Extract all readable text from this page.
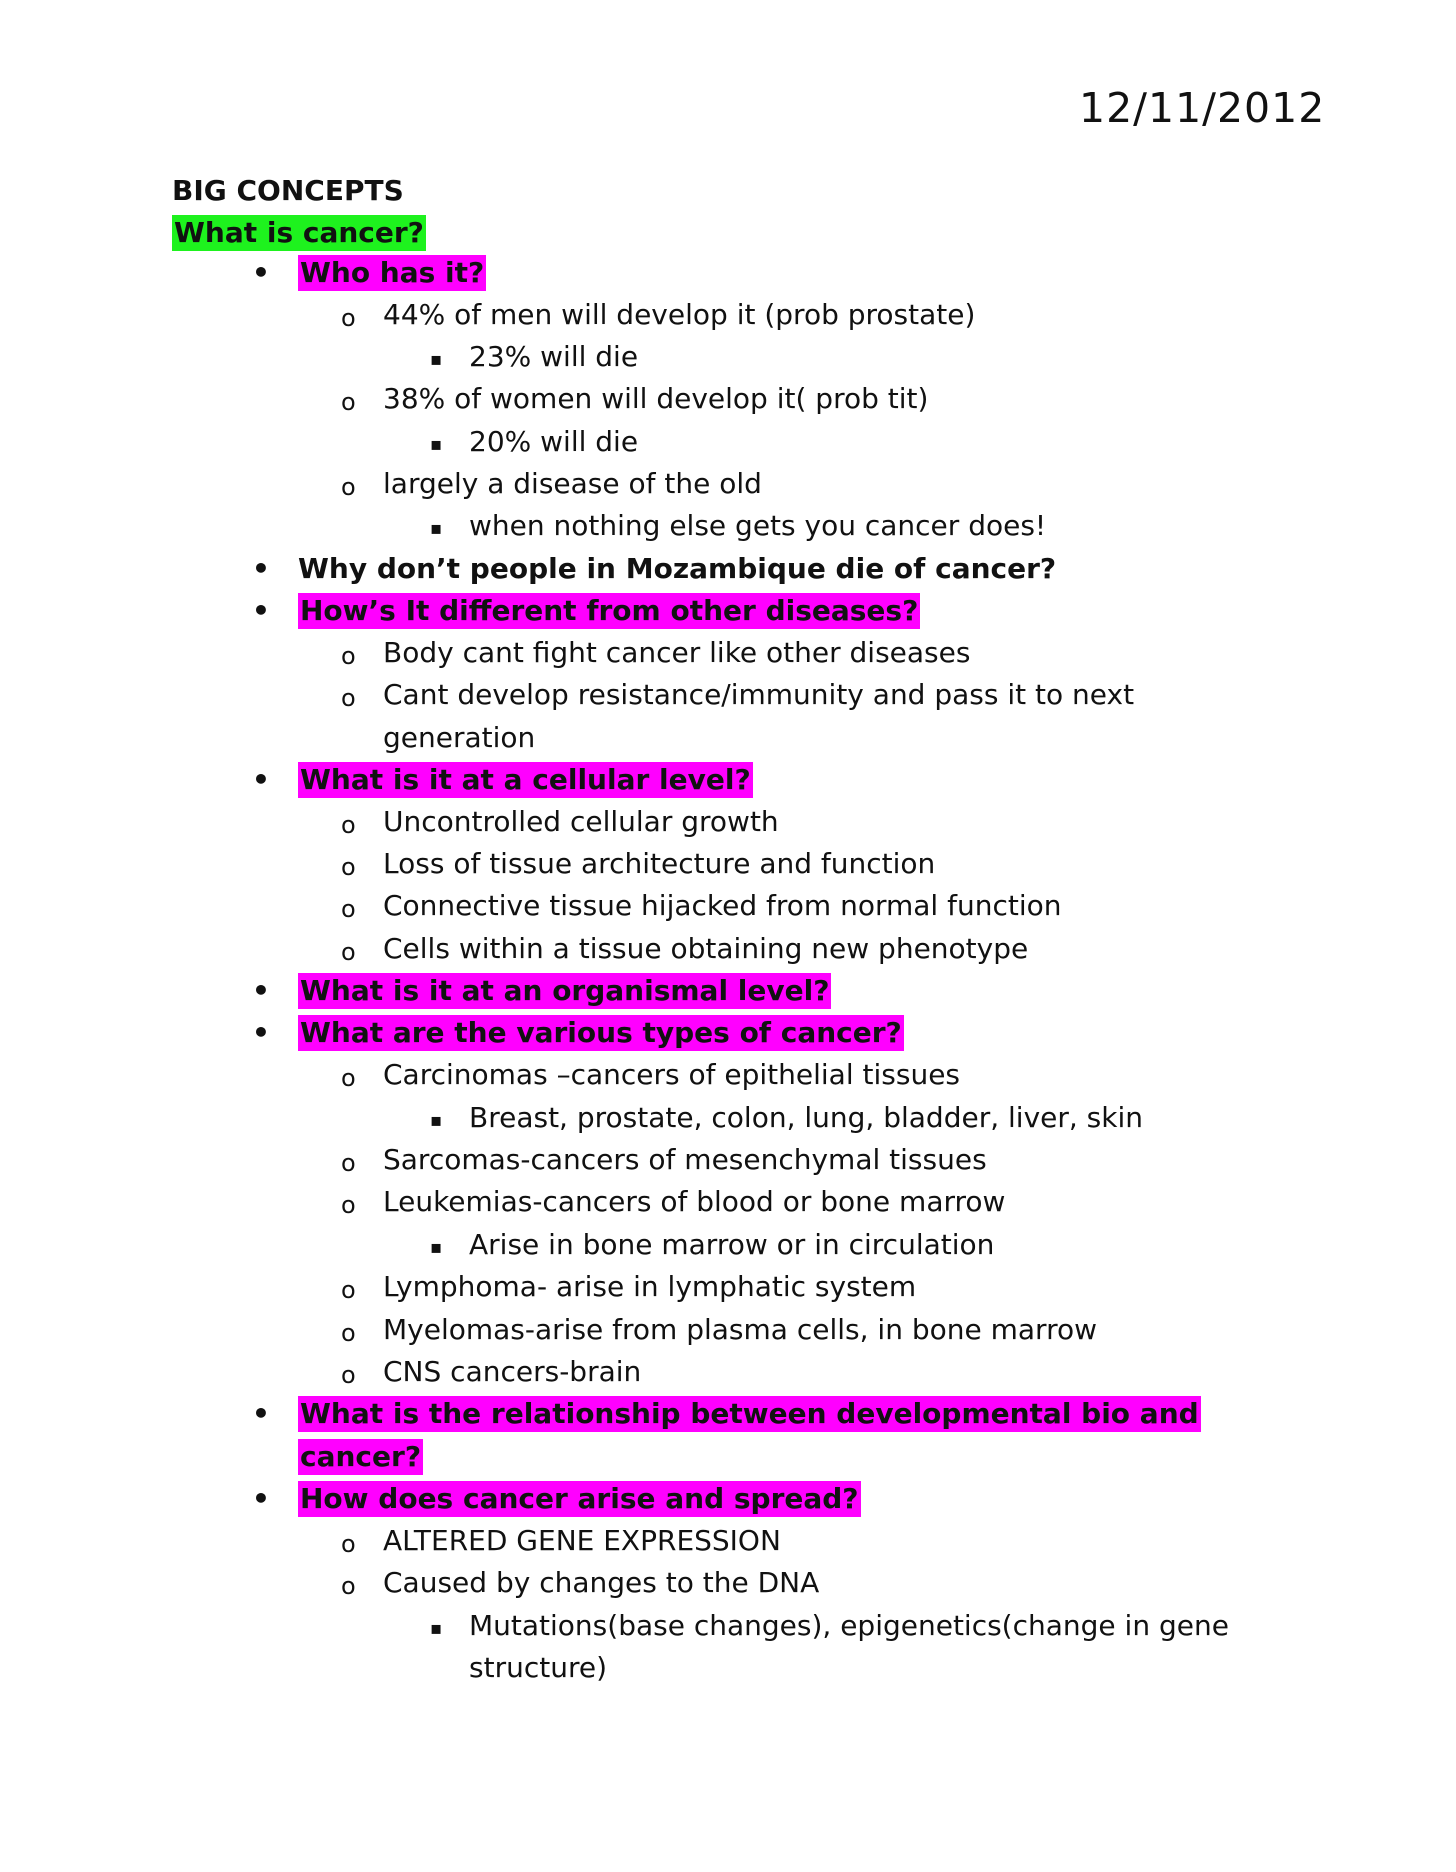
12/11/2012
BIG CONCEPTS
What is cancer?
• Who has it?
o 44% of men will develop it (prob prostate)
▪ 23% will die
o 38% of women will develop it( prob tit)
▪ 20% will die
o largely a disease of the old
▪ when nothing else gets you cancer does!
• Why don’t people in Mozambique die of cancer?
• How’s It different from other diseases?
o Body cant fight cancer like other diseases
o Cant develop resistance/immunity and pass it to next
generation
• What is it at a cellular level?
o Uncontrolled cellular growth
o Loss of tissue architecture and function
o Connective tissue hijacked from normal function
o Cells within a tissue obtaining new phenotype
• What is it at an organismal level?
• What are the various types of cancer?
o Carcinomas –cancers of epithelial tissues
▪ Breast, prostate, colon, lung, bladder, liver, skin
o Sarcomas-cancers of mesenchymal tissues
o Leukemias-cancers of blood or bone marrow
▪ Arise in bone marrow or in circulation
o Lymphoma- arise in lymphatic system
o Myelomas-arise from plasma cells, in bone marrow
o CNS cancers-brain
• What is the relationship between developmental bio and
cancer?
• How does cancer arise and spread?
o ALTERED GENE EXPRESSION
o Caused by changes to the DNA
▪ Mutations(base changes), epigenetics(change in gene
structure)
